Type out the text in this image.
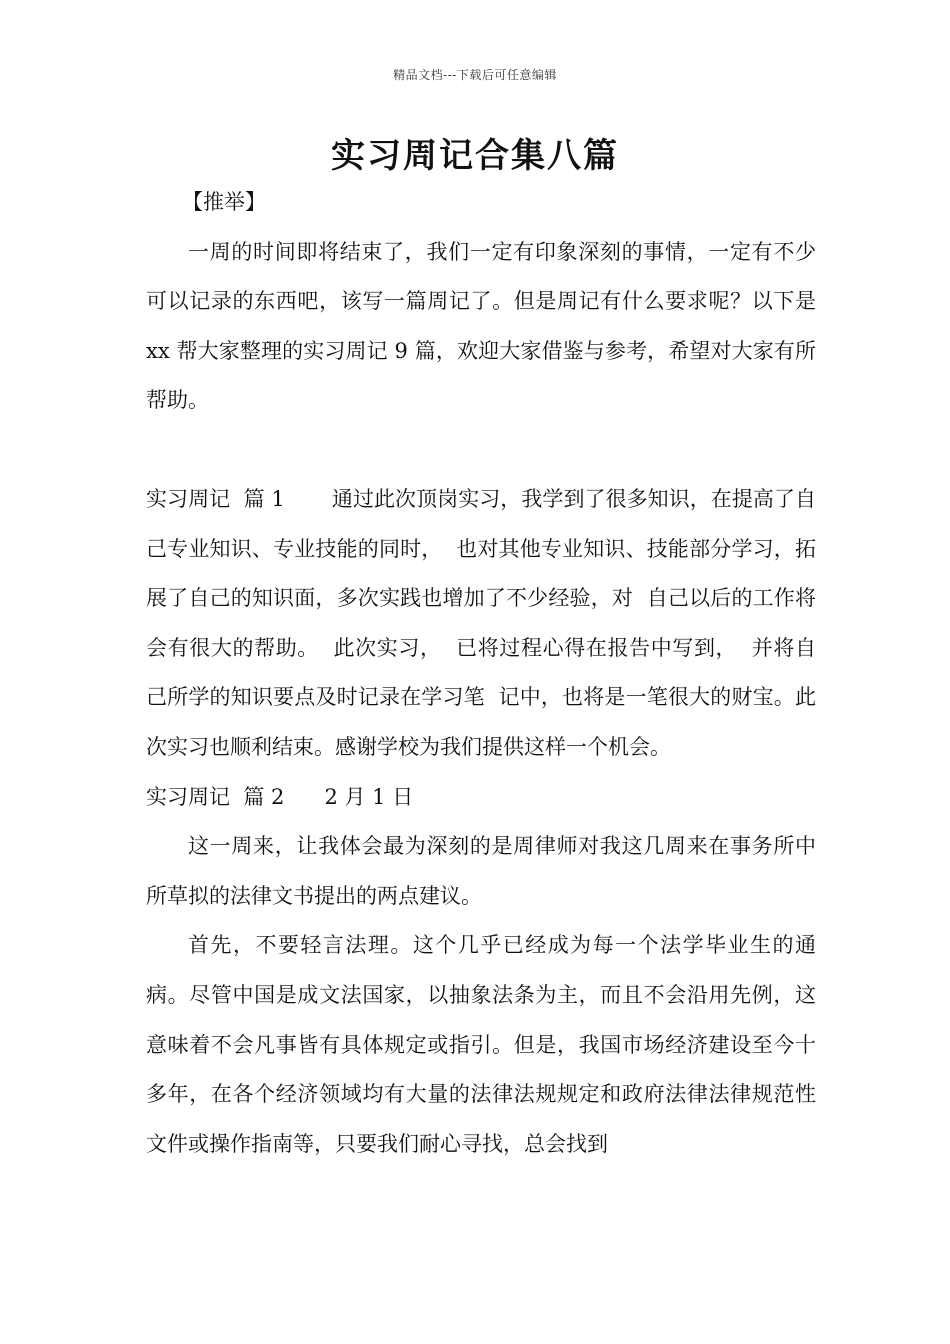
精品文档---下载后可任意编辑
实习周记合集八篇

【推举】

一周的时间即将结束了，我们一定有印象深刻的事情，一定有不少可以记录的东西吧，该写一篇周记了。但是周记有什么要求呢？以下是 xx 帮大家整理的实习周记 9 篇，欢迎大家借鉴与参考，希望对大家有所帮助。

实习周记  篇 1 通过此次顶岗实习，我学到了很多知识，在提高了自己专业知识、专业技能的同时，  也对其他专业知识、技能部分学习，拓展了自己的知识面，多次实践也增加了不少经验，对  自己以后的工作将会有很大的帮助。  此次实习，  已将过程心得在报告中写到，  并将自己所学的知识要点及时记录在学习笔  记中，也将是一笔很大的财宝。此次实习也顺利结束。感谢学校为我们提供这样一个机会。

实习周记  篇 2 2 月 1 日

这一周来，让我体会最为深刻的是周律师对我这几周来在事务所中所草拟的法律文书提出的两点建议。

首先，不要轻言法理。这个几乎已经成为每一个法学毕业生的通病。尽管中国是成文法国家，以抽象法条为主，而且不会沿用先例，这意味着不会凡事皆有具体规定或指引。但是，我国市场经济建设至今十多年，在各个经济领域均有大量的法律法规规定和政府法律法律规范性文件或操作指南等，只要我们耐心寻找，总会找到
